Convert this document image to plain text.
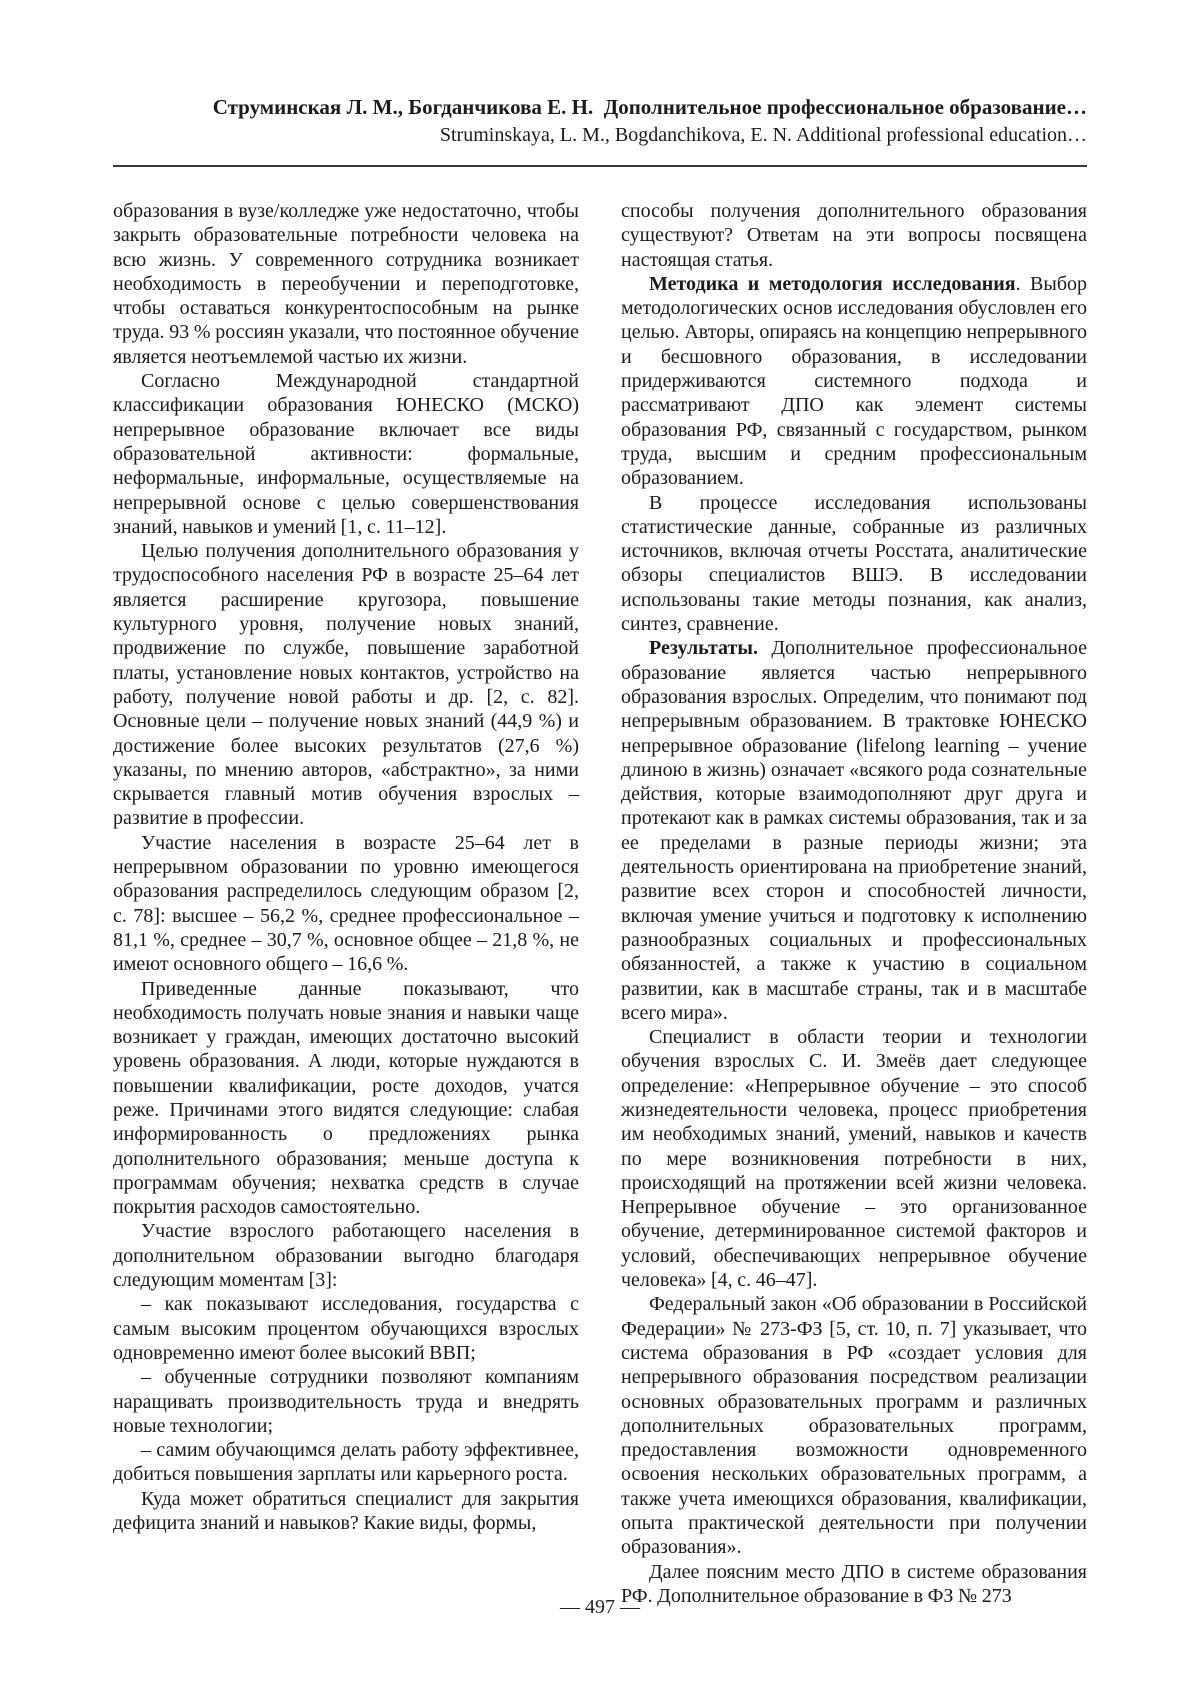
Струминская Л. М., Богданчикова Е. Н.  Дополнительное профессиональное образование…
Struminskaya, L. M., Bogdanchikova, E. N. Additional professional education…

образования в вузе/колледже уже недостаточно, чтобы закрыть образовательные потребности человека на всю жизнь. У современного сотрудника возникает необходимость в переобучении и переподготовке, чтобы оставаться конкурентоспособным на рынке труда. 93 % россиян указали, что постоянное обучение является неотъемлемой частью их жизни.

Согласно Международной стандартной классификации образования ЮНЕСКО (МСКО) непрерывное образование включает все виды образовательной активности: формальные, неформальные, информальные, осуществляемые на непрерывной основе с целью совершенствования знаний, навыков и умений [1, с. 11–12].

Целью получения дополнительного образования у трудоспособного населения РФ в возрасте 25–64 лет является расширение кругозора, повышение культурного уровня, получение новых знаний, продвижение по службе, повышение заработной платы, установление новых контактов, устройство на работу, получение новой работы и др. [2, с. 82]. Основные цели – получение новых знаний (44,9 %) и достижение более высоких результатов (27,6 %) указаны, по мнению авторов, «абстрактно», за ними скрывается главный мотив обучения взрослых – развитие в профессии.

Участие населения в возрасте 25–64 лет в непрерывном образовании по уровню имеющегося образования распределилось следующим образом [2, с. 78]: высшее – 56,2 %, среднее профессиональное – 81,1 %, среднее – 30,7 %, основное общее – 21,8 %, не имеют основного общего – 16,6 %.

Приведенные данные показывают, что необходимость получать новые знания и навыки чаще возникает у граждан, имеющих достаточно высокий уровень образования. А люди, которые нуждаются в повышении квалификации, росте доходов, учатся реже. Причинами этого видятся следующие: слабая информированность о предложениях рынка дополнительного образования; меньше доступа к программам обучения; нехватка средств в случае покрытия расходов самостоятельно.

Участие взрослого работающего населения в дополнительном образовании выгодно благодаря следующим моментам [3]:

– как показывают исследования, государства с самым высоким процентом обучающихся взрослых одновременно имеют более высокий ВВП;

– обученные сотрудники позволяют компаниям наращивать производительность труда и внедрять новые технологии;

– самим обучающимся делать работу эффективнее, добиться повышения зарплаты или карьерного роста.

Куда может обратиться специалист для закрытия дефицита знаний и навыков? Какие виды, формы,

способы получения дополнительного образования существуют? Ответам на эти вопросы посвящена настоящая статья.

Методика и методология исследования. Выбор методологических основ исследования обусловлен его целью. Авторы, опираясь на концепцию непрерывного и бесшовного образования, в исследовании придерживаются системного подхода и рассматривают ДПО как элемент системы образования РФ, связанный с государством, рынком труда, высшим и средним профессиональным образованием.

В процессе исследования использованы статистические данные, собранные из различных источников, включая отчеты Росстата, аналитические обзоры специалистов ВШЭ. В исследовании использованы такие методы познания, как анализ, синтез, сравнение.

Результаты. Дополнительное профессиональное образование является частью непрерывного образования взрослых. Определим, что понимают под непрерывным образованием. В трактовке ЮНЕСКО непрерывное образование (lifelong learning – учение длиною в жизнь) означает «всякого рода сознательные действия, которые взаимодополняют друг друга и протекают как в рамках системы образования, так и за ее пределами в разные периоды жизни; эта деятельность ориентирована на приобретение знаний, развитие всех сторон и способностей личности, включая умение учиться и подготовку к исполнению разнообразных социальных и профессиональных обязанностей, а также к участию в социальном развитии, как в масштабе страны, так и в масштабе всего мира».

Специалист в области теории и технологии обучения взрослых С. И. Змеёв дает следующее определение: «Непрерывное обучение – это способ жизнедеятельности человека, процесс приобретения им необходимых знаний, умений, навыков и качеств по мере возникновения потребности в них, происходящий на протяжении всей жизни человека. Непрерывное обучение – это организованное обучение, детерминированное системой факторов и условий, обеспечивающих непрерывное обучение человека» [4, с. 46–47].

Федеральный закон «Об образовании в Российской Федерации» № 273-ФЗ [5, ст. 10, п. 7] указывает, что система образования в РФ «создает условия для непрерывного образования посредством реализации основных образовательных программ и различных дополнительных образовательных программ, предоставления возможности одновременного освоения нескольких образовательных программ, а также учета имеющихся образования, квалификации, опыта практической деятельности при получении образования».

Далее поясним место ДПО в системе образования РФ. Дополнительное образование в ФЗ № 273

— 497 —
